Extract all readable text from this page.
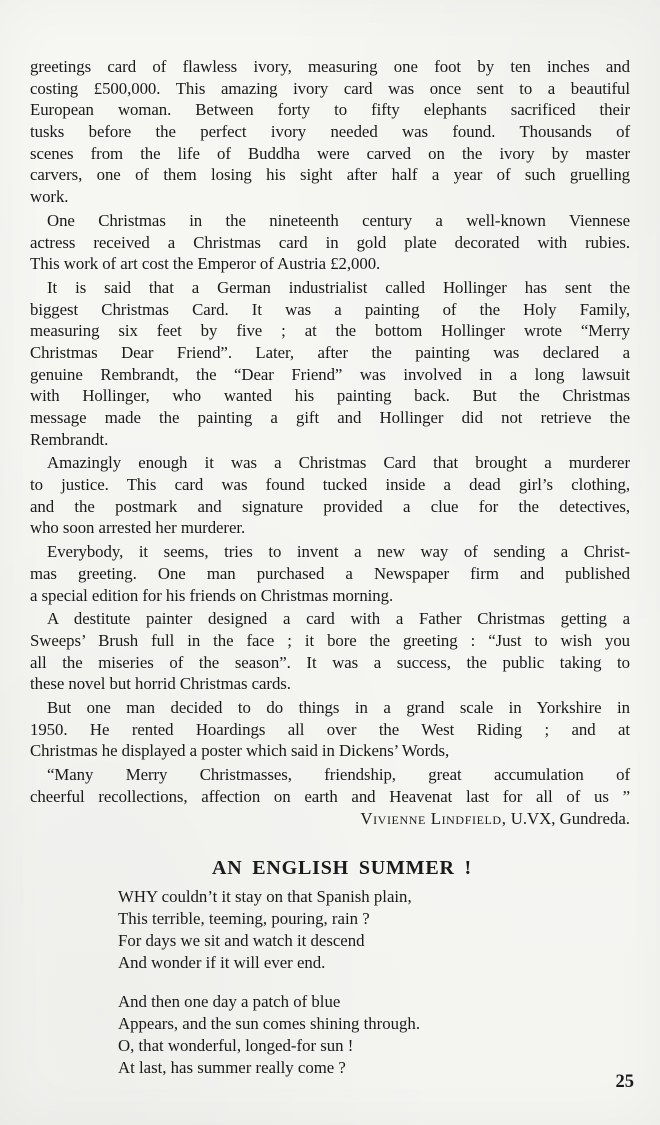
greetings card of flawless ivory, measuring one foot by ten inches and
costing £500,000. This amazing ivory card was once sent to a beautiful
European woman. Between forty to fifty elephants sacrificed their
tusks before the perfect ivory needed was found. Thousands of
scenes from the life of Buddha were carved on the ivory by master
carvers, one of them losing his sight after half a year of such gruelling
work.
One Christmas in the nineteenth century a well-known Viennese
actress received a Christmas card in gold plate decorated with rubies.
This work of art cost the Emperor of Austria £2,000.
It is said that a German industrialist called Hollinger has sent the
biggest Christmas Card. It was a painting of the Holy Family,
measuring six feet by five ; at the bottom Hollinger wrote “Merry
Christmas Dear Friend”. Later, after the painting was declared a
genuine Rembrandt, the “Dear Friend” was involved in a long lawsuit
with Hollinger, who wanted his painting back. But the Christmas
message made the painting a gift and Hollinger did not retrieve the
Rembrandt.
Amazingly enough it was a Christmas Card that brought a murderer
to justice. This card was found tucked inside a dead girl’s clothing,
and the postmark and signature provided a clue for the detectives,
who soon arrested her murderer.
Everybody, it seems, tries to invent a new way of sending a Christ-
mas greeting. One man purchased a Newspaper firm and published
a special edition for his friends on Christmas morning.
A destitute painter designed a card with a Father Christmas getting a
Sweeps’ Brush full in the face ; it bore the greeting : “Just to wish you
all the miseries of the season”. It was a success, the public taking to
these novel but horrid Christmas cards.
But one man decided to do things in a grand scale in Yorkshire in
1950. He rented Hoardings all over the West Riding ; and at
Christmas he displayed a poster which said in Dickens’ Words,
“Many Merry Christmasses, friendship, great accumulation of
cheerful recollections, affection on earth and Heavenat last for all of us ”
Vivienne Lindfield, U.VX, Gundreda.
AN ENGLISH SUMMER !
WHY couldn’t it stay on that Spanish plain,
This terrible, teeming, pouring, rain ?
For days we sit and watch it descend
And wonder if it will ever end.
And then one day a patch of blue
Appears, and the sun comes shining through.
O, that wonderful, longed-for sun !
At last, has summer really come ?
25
